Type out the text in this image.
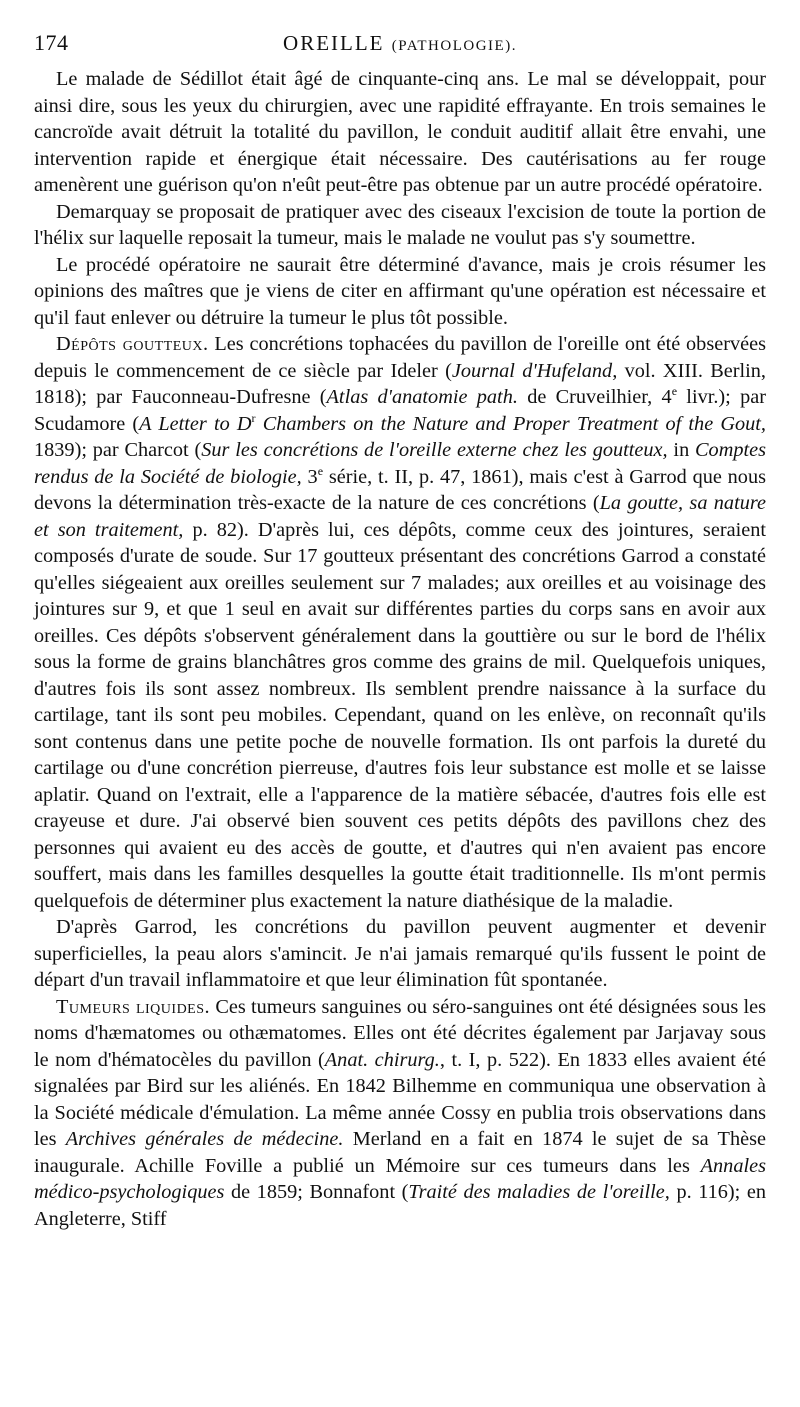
174	OREILLE (PATHOLOGIE).

Le malade de Sédillot était âgé de cinquante-cinq ans. Le mal se développait, pour ainsi dire, sous les yeux du chirurgien, avec une rapidité effrayante. En trois semaines le cancroïde avait détruit la totalité du pavillon, le conduit auditif allait être envahi, une intervention rapide et énergique était nécessaire. Des cautérisations au fer rouge amenèrent une guérison qu'on n'eût peut-être pas obtenue par un autre procédé opératoire.

Demarquay se proposait de pratiquer avec des ciseaux l'excision de toute la portion de l'hélix sur laquelle reposait la tumeur, mais le malade ne voulut pas s'y soumettre.

Le procédé opératoire ne saurait être déterminé d'avance, mais je crois résumer les opinions des maîtres que je viens de citer en affirmant qu'une opération est nécessaire et qu'il faut enlever ou détruire la tumeur le plus tôt possible.

Dépôts goutteux. Les concrétions tophacées du pavillon de l'oreille ont été observées depuis le commencement de ce siècle par Ideler (Journal d'Hufeland, vol. XIII. Berlin, 1818); par Fauconneau-Dufresne (Atlas d'anatomie path. de Cruveilhier, 4e livr.); par Scudamore (A Letter to $D^r$ Chambers on the Nature and Proper Treatment of the Gout, 1839); par Charcot (Sur les concrétions de l'oreille externe chez les goutteux, in Comptes rendus de la Société de biologie, 3e série, t. II, p. 47, 1861), mais c'est à Garrod que nous devons la détermination très-exacte de la nature de ces concrétions (La goutte, sa nature et son traitement, p. 82). D'après lui, ces dépôts, comme ceux des jointures, seraient composés d'urate de soude. Sur 17 goutteux présentant des concrétions Garrod a constaté qu'elles siégeaient aux oreilles seulement sur 7 malades; aux oreilles et au voisinage des jointures sur 9, et que 1 seul en avait sur différentes parties du corps sans en avoir aux oreilles. Ces dépôts s'observent généralement dans la gouttière ou sur le bord de l'hélix sous la forme de grains blanchâtres gros comme des grains de mil. Quelquefois uniques, d'autres fois ils sont assez nombreux. Ils semblent prendre naissance à la surface du cartilage, tant ils sont peu mobiles. Cependant, quand on les enlève, on reconnaît qu'ils sont contenus dans une petite poche de nouvelle formation. Ils ont parfois la dureté du cartilage ou d'une concrétion pierreuse, d'autres fois leur substance est molle et se laisse aplatir. Quand on l'extrait, elle a l'apparence de la matière sébacée, d'autres fois elle est crayeuse et dure. J'ai observé bien souvent ces petits dépôts des pavillons chez des personnes qui avaient eu des accès de goutte, et d'autres qui n'en avaient pas encore souffert, mais dans les familles desquelles la goutte était traditionnelle. Ils m'ont permis quelquefois de déterminer plus exactement la nature diathésique de la maladie.

D'après Garrod, les concrétions du pavillon peuvent augmenter et devenir superficielles, la peau alors s'amincit. Je n'ai jamais remarqué qu'ils fussent le point de départ d'un travail inflammatoire et que leur élimination fût spontanée.

Tumeurs liquides. Ces tumeurs sanguines ou séro-sanguines ont été désignées sous les noms d'hæmatomes ou othæmatomes. Elles ont été décrites également par Jarjavay sous le nom d'hématocèles du pavillon (Anat. chirurg., t. I, p. 522). En 1833 elles avaient été signalées par Bird sur les aliénés. En 1842 Bilhemme en communiqua une observation à la Société médicale d'émulation. La même année Cossy en publia trois observations dans les Archives générales de médecine. Merland en a fait en 1874 le sujet de sa Thèse inaugurale. Achille Foville a publié un Mémoire sur ces tumeurs dans les Annales médico-psychologiques de 1859; Bonnafont (Traité des maladies de l'oreille, p. 116); en Angleterre, Stiff
